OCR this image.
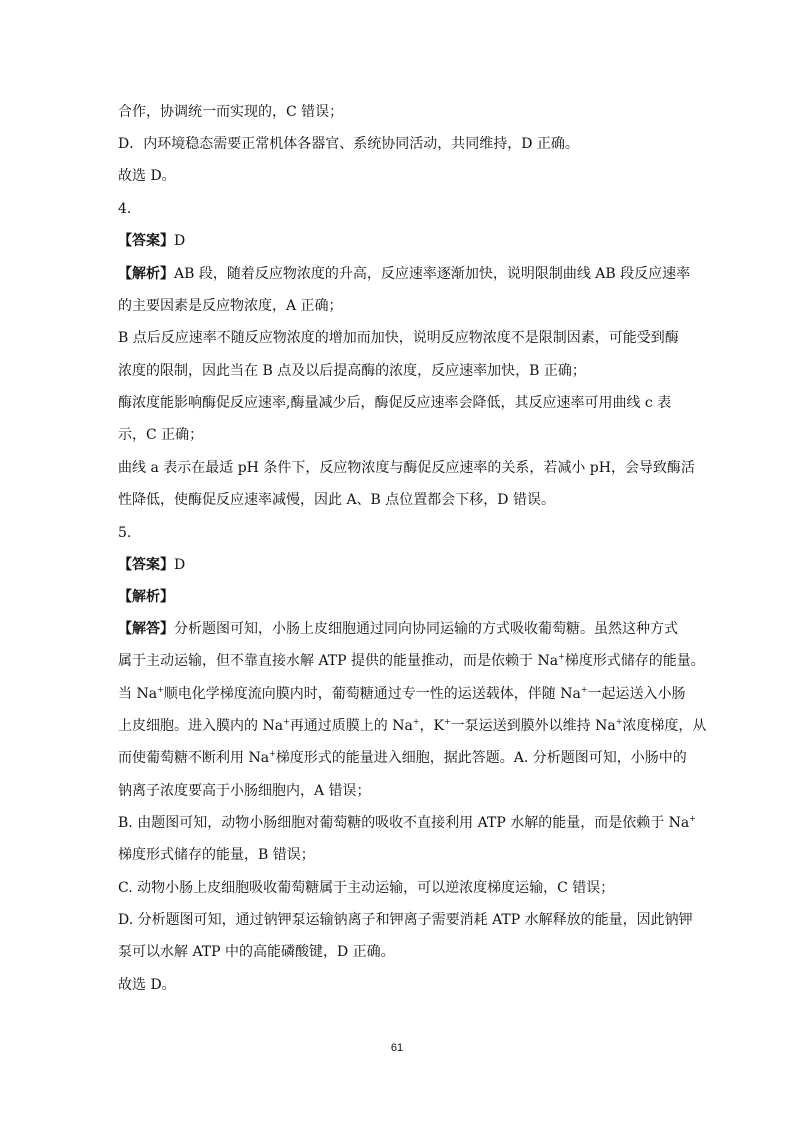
合作，协调统一而实现的，C 错误；
D．内环境稳态需要正常机体各器官、系统协同活动，共同维持，D 正确。
故选 D。
4.
【答案】D
【解析】AB 段，随着反应物浓度的升高，反应速率逐渐加快，说明限制曲线 AB 段反应速率
的主要因素是反应物浓度，A 正确；
B 点后反应速率不随反应物浓度的增加而加快，说明反应物浓度不是限制因素，可能受到酶
浓度的限制，因此当在 B 点及以后提高酶的浓度，反应速率加快，B 正确；
酶浓度能影响酶促反应速率,酶量减少后，酶促反应速率会降低，其反应速率可用曲线 c 表
示，C 正确；
曲线 a 表示在最适 pH 条件下，反应物浓度与酶促反应速率的关系，若减小 pH，会导致酶活
性降低，使酶促反应速率减慢，因此 A、B 点位置都会下移，D 错误。
5.
【答案】D
【解析】
【解答】分析题图可知，小肠上皮细胞通过同向协同运输的方式吸收葡萄糖。虽然这种方式
属于主动运输，但不靠直接水解 ATP 提供的能量推动，而是依赖于 Na+梯度形式储存的能量。
当 Na+顺电化学梯度流向膜内时，葡萄糖通过专一性的运送载体，伴随 Na+一起运送入小肠
上皮细胞。进入膜内的 Na+再通过质膜上的 Na+，K+一泵运送到膜外以维持 Na+浓度梯度，从
而使葡萄糖不断利用 Na+梯度形式的能量进入细胞，据此答题。A. 分析题图可知，小肠中的
钠离子浓度要高于小肠细胞内，A 错误；
B. 由题图可知，动物小肠细胞对葡萄糖的吸收不直接利用 ATP 水解的能量，而是依赖于 Na+
梯度形式储存的能量，B 错误；
C. 动物小肠上皮细胞吸收葡萄糖属于主动运输，可以逆浓度梯度运输，C 错误；
D. 分析题图可知，通过钠钾泵运输钠离子和钾离子需要消耗 ATP 水解释放的能量，因此钠钾
泵可以水解 ATP 中的高能磷酸键，D 正确。
故选 D。
61
